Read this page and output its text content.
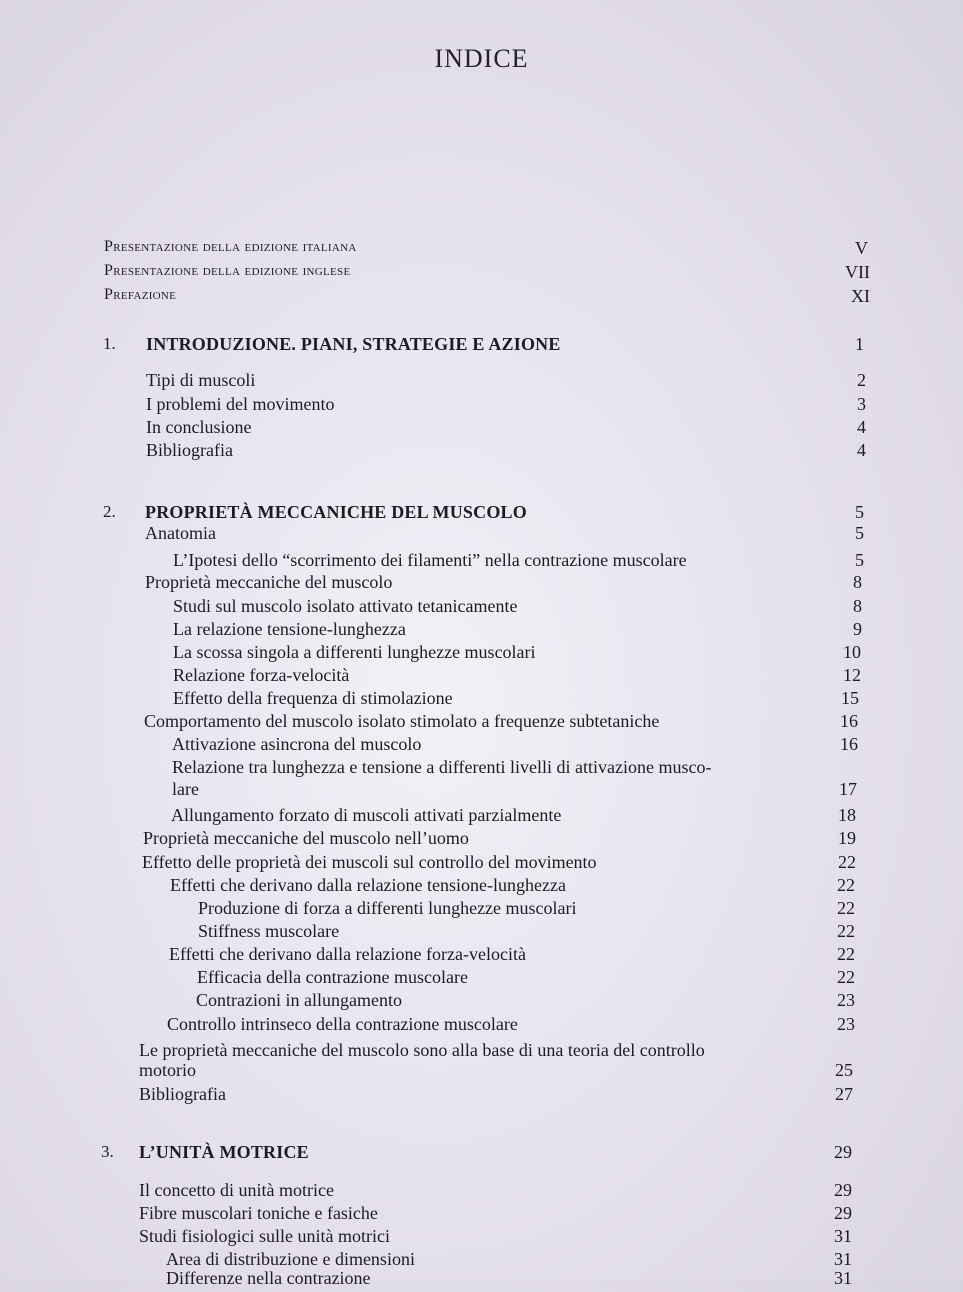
INDICE
Presentazione della edizione italiana	V
Presentazione della edizione inglese	VII
Prefazione	XI
1. INTRODUZIONE. PIANI, STRATEGIE E AZIONE	1
Tipi di muscoli	2
I problemi del movimento	3
In conclusione	4
Bibliografia	4
2. PROPRIETÀ MECCANICHE DEL MUSCOLO	5
Anatomia	5
L’Ipotesi dello “scorrimento dei filamenti” nella contrazione muscolare	5
Proprietà meccaniche del muscolo	8
Studi sul muscolo isolato attivato tetanicamente	8
La relazione tensione-lunghezza	9
La scossa singola a differenti lunghezze muscolari	10
Relazione forza-velocità	12
Effetto della frequenza di stimolazione	15
Comportamento del muscolo isolato stimolato a frequenze subtetaniche	16
Attivazione asincrona del muscolo	16
Relazione tra lunghezza e tensione a differenti livelli di attivazione musco-
lare	17
Allungamento forzato di muscoli attivati parzialmente	18
Proprietà meccaniche del muscolo nell’uomo	19
Effetto delle proprietà dei muscoli sul controllo del movimento	22
Effetti che derivano dalla relazione tensione-lunghezza	22
Produzione di forza a differenti lunghezze muscolari	22
Stiffness muscolare	22
Effetti che derivano dalla relazione forza-velocità	22
Efficacia della contrazione muscolare	22
Contrazioni in allungamento	23
Controllo intrinseco della contrazione muscolare	23
Le proprietà meccaniche del muscolo sono alla base di una teoria del controllo
motorio	25
Bibliografia	27
3. L’UNITÀ MOTRICE	29
Il concetto di unità motrice	29
Fibre muscolari toniche e fasiche	29
Studi fisiologici sulle unità motrici	31
Area di distribuzione e dimensioni	31
Differenze nella contrazione	31
